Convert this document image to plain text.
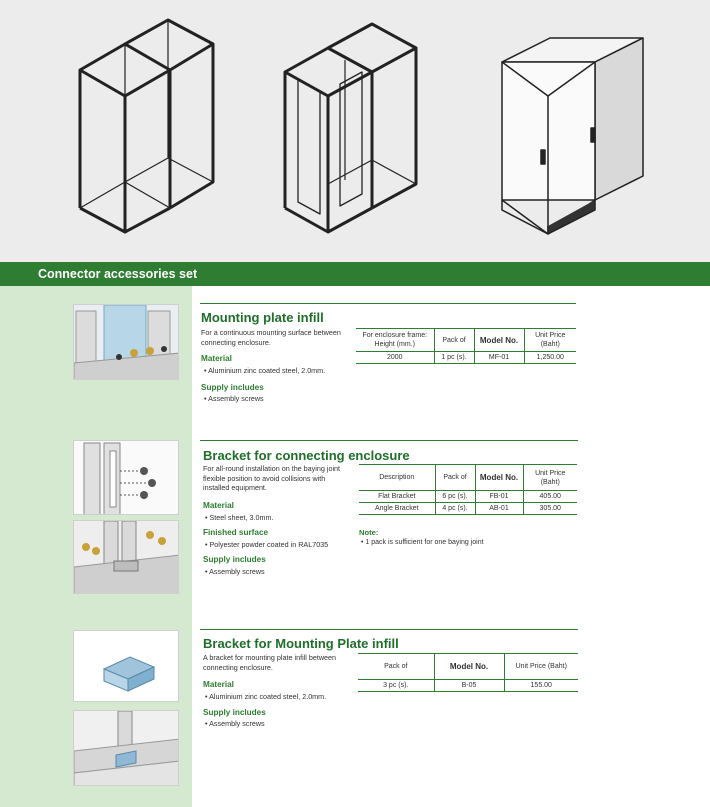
Connector accessories set
Mounting plate infill
For a continuous mounting surface between connecting enclosure.
Material
• Aluminium zinc coated steel, 2.0mm.
Supply includes
• Assembly screws
For enclosure frame: Height (mm.)	Pack of	Model No.	Unit Price (Baht)
2000	1 pc (s).	MF-01	1,250.00
Bracket for connecting enclosure
For all-round installation on the baying joint flexible position to avoid collisions with installed equipment.
Material
• Steel sheet, 3.0mm.
Finished surface
• Polyester powder coated in RAL7035
Supply includes
• Assembly screws
Description	Pack of	Model No.	Unit Price (Baht)
Flat Bracket	6 pc (s).	FB-01	405.00
Angle Bracket	4 pc (s).	AB-01	305.00
Note:
• 1 pack is sufficient for one baying joint
Bracket for Mounting Plate infill
A bracket for mounting plate infill between connecting enclosure.
Material
• Aluminium zinc coated steel, 2.0mm.
Supply includes
• Assembly screws
Pack of	Model No.	Unit Price (Baht)
3 pc (s).	B-05	155.00
